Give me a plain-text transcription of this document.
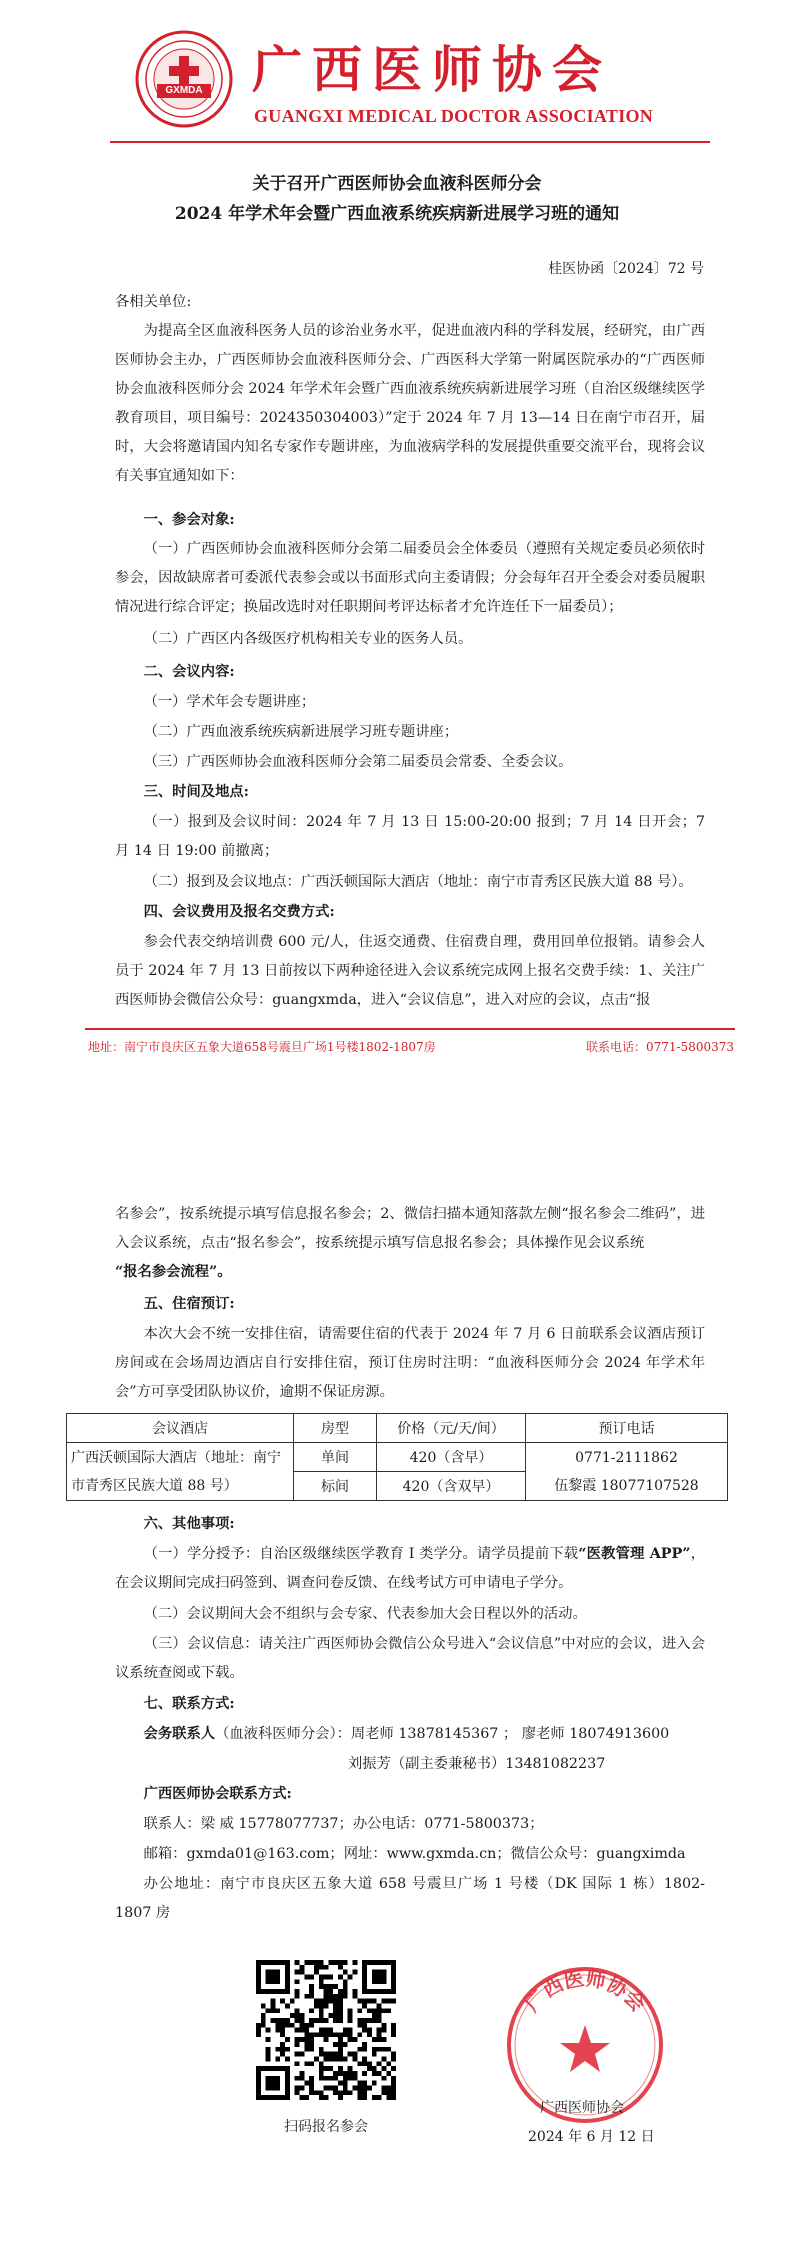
GXMDA 广西医师协会
GUANGXI MEDICAL DOCTOR ASSOCIATION
关于召开广西医师协会血液科医师分会
2024 年学术年会暨广西血液系统疾病新进展学习班的通知
桂医协函〔2024〕72 号
各相关单位:
为提高全区血液科医务人员的诊治业务水平，促进血液内科的学科发展，经研究，由广西医师协会主办，广西医师协会血液科医师分会、广西医科大学第一附属医院承办的“广西医师协会血液科医师分会 2024 年学术年会暨广西血液系统疾病新进展学习班（自治区级继续医学教育项目，项目编号：2024350304003）”定于 2024 年 7 月 13—14 日在南宁市召开，届时，大会将邀请国内知名专家作专题讲座，为血液病学科的发展提供重要交流平台，现将会议有关事宜通知如下：
一、参会对象:
（一）广西医师协会血液科医师分会第二届委员会全体委员（遵照有关规定委员必须依时参会，因故缺席者可委派代表参会或以书面形式向主委请假；分会每年召开全委会对委员履职情况进行综合评定；换届改选时对任职期间考评达标者才允许连任下一届委员）；
（二）广西区内各级医疗机构相关专业的医务人员。
二、会议内容:
（一）学术年会专题讲座；
（二）广西血液系统疾病新进展学习班专题讲座；
（三）广西医师协会血液科医师分会第二届委员会常委、全委会议。
三、时间及地点:
（一）报到及会议时间：2024 年 7 月 13 日 15:00-20:00 报到；7 月 14 日开会；7 月 14 日 19:00 前撤离；
（二）报到及会议地点：广西沃顿国际大酒店（地址：南宁市青秀区民族大道 88 号）。
四、会议费用及报名交费方式:
参会代表交纳培训费 600 元/人，住返交通费、住宿费自理，费用回单位报销。请参会人员于 2024 年 7 月 13 日前按以下两种途径进入会议系统完成网上报名交费手续：1、关注广西医师协会微信公众号：guangxmda，进入“会议信息”，进入对应的会议，点击“报
地址：南宁市良庆区五象大道658号震旦广场1号楼1802-1807房	联系电话：0771-5800373
名参会”，按系统提示填写信息报名参会；2、微信扫描本通知落款左侧“报名参会二维码”，进入会议系统，点击“报名参会”，按系统提示填写信息报名参会；具体操作见会议系统
“报名参会流程”。
五、住宿预订:
本次大会不统一安排住宿，请需要住宿的代表于 2024 年 7 月 6 日前联系会议酒店预订房间或在会场周边酒店自行安排住宿，预订住房时注明：“血液科医师分会 2024 年学术年会”方可享受团队协议价，逾期不保证房源。
会议酒店	房型	价格（元/天/间）	预订电话
广西沃顿国际大酒店（地址：南宁市青秀区民族大道 88 号）	单间	420（含早）	0771-2111862
伍黎霞 18077107528
	标间	420（含双早）	
六、其他事项:
（一）学分授予：自治区级继续医学教育 I 类学分。请学员提前下载“医教管理 APP”，在会议期间完成扫码签到、调查问卷反馈、在线考试方可申请电子学分。
（二）会议期间大会不组织与会专家、代表参加大会日程以外的活动。
（三）会议信息：请关注广西医师协会微信公众号进入“会议信息”中对应的会议，进入会议系统查阅或下载。
七、联系方式:
会务联系人（血液科医师分会）：周老师 13878145367 ； 廖老师 18074913600
刘振芳（副主委兼秘书）13481082237
广西医师协会联系方式:
联系人：梁 威 15778077737；办公电话：0771-5800373；
邮箱：gxmda01@163.com；网址：www.gxmda.cn；微信公众号：guangximda
办公地址：南宁市良庆区五象大道 658 号震旦广场 1 号楼（DK 国际 1 栋）1802-1807 房
扫码报名参会
广西医师协会
广西医师协会
2024 年 6 月 12 日
